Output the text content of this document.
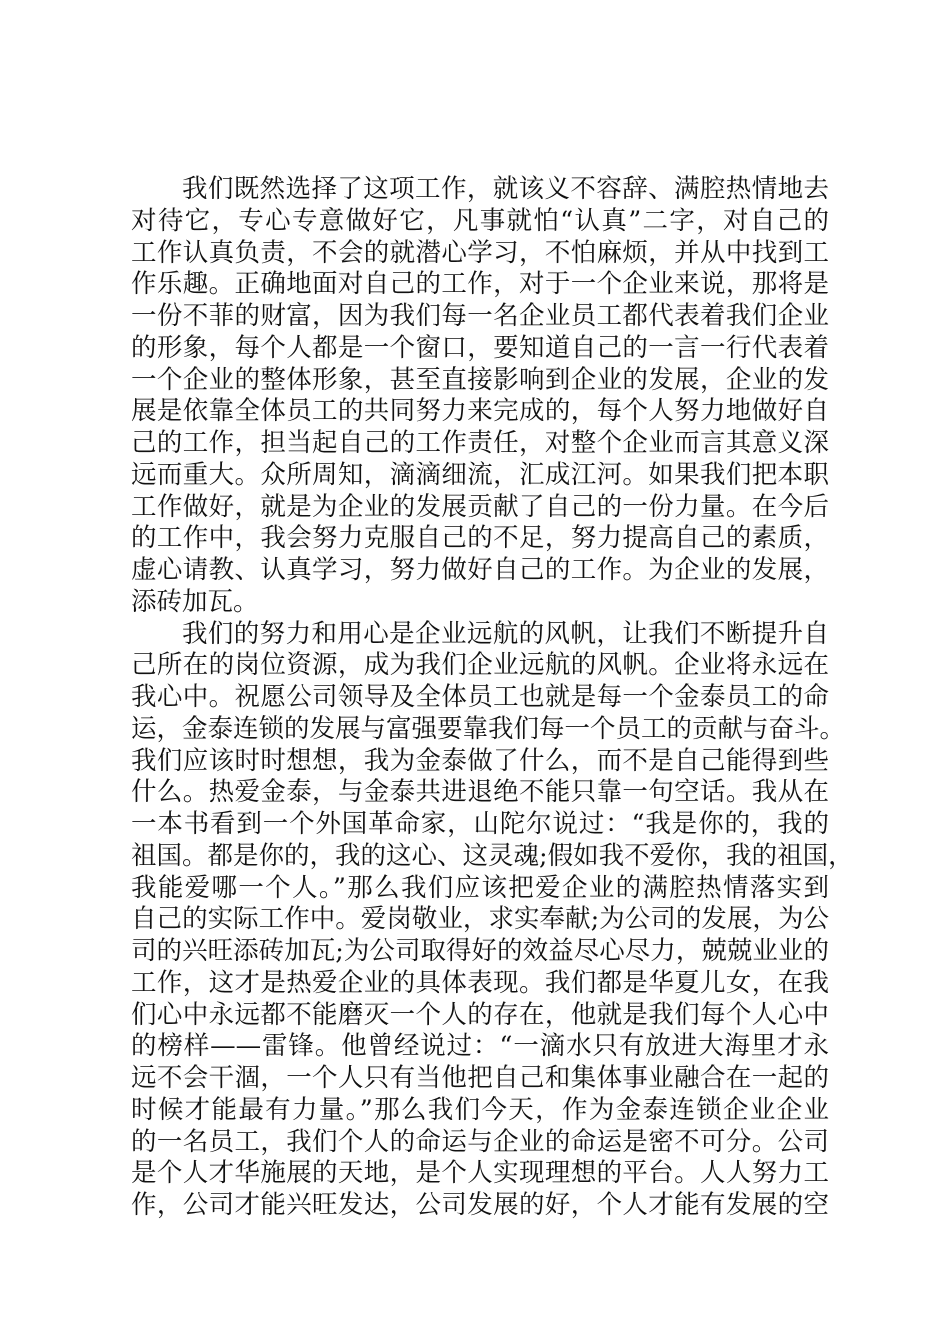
我们既然选择了这项工作，就该义不容辞、满腔热情地去
对待它，专心专意做好它，凡事就怕“认真”二字，对自己的
工作认真负责，不会的就潜心学习，不怕麻烦，并从中找到工
作乐趣。正确地面对自己的工作，对于一个企业来说，那将是
一份不菲的财富，因为我们每一名企业员工都代表着我们企业
的形象，每个人都是一个窗口，要知道自己的一言一行代表着
一个企业的整体形象，甚至直接影响到企业的发展，企业的发
展是依靠全体员工的共同努力来完成的，每个人努力地做好自
己的工作，担当起自己的工作责任，对整个企业而言其意义深
远而重大。众所周知，滴滴细流，汇成江河。如果我们把本职
工作做好，就是为企业的发展贡献了自己的一份力量。在今后
的工作中，我会努力克服自己的不足，努力提高自己的素质，
虚心请教、认真学习，努力做好自己的工作。为企业的发展，
添砖加瓦。
我们的努力和用心是企业远航的风帆，让我们不断提升自
己所在的岗位资源，成为我们企业远航的风帆。企业将永远在
我心中。祝愿公司领导及全体员工也就是每一个金泰员工的命
运，金泰连锁的发展与富强要靠我们每一个员工的贡献与奋斗。
我们应该时时想想，我为金泰做了什么，而不是自己能得到些
什么。热爱金泰，与金泰共进退绝不能只靠一句空话。我从在
一本书看到一个外国革命家，山陀尔说过：“我是你的，我的
祖国。都是你的，我的这心、这灵魂;假如我不爱你，我的祖国，
我能爱哪一个人。”那么我们应该把爱企业的满腔热情落实到
自己的实际工作中。爱岗敬业，求实奉献;为公司的发展，为公
司的兴旺添砖加瓦;为公司取得好的效益尽心尽力，兢兢业业的
工作，这才是热爱企业的具体表现。我们都是华夏儿女，在我
们心中永远都不能磨灭一个人的存在，他就是我们每个人心中
的榜样——雷锋。他曾经说过：“一滴水只有放进大海里才永
远不会干涸，一个人只有当他把自己和集体事业融合在一起的
时候才能最有力量。”那么我们今天，作为金泰连锁企业企业
的一名员工，我们个人的命运与企业的命运是密不可分。公司
是个人才华施展的天地，是个人实现理想的平台。人人努力工
作，公司才能兴旺发达，公司发展的好，个人才能有发展的空
